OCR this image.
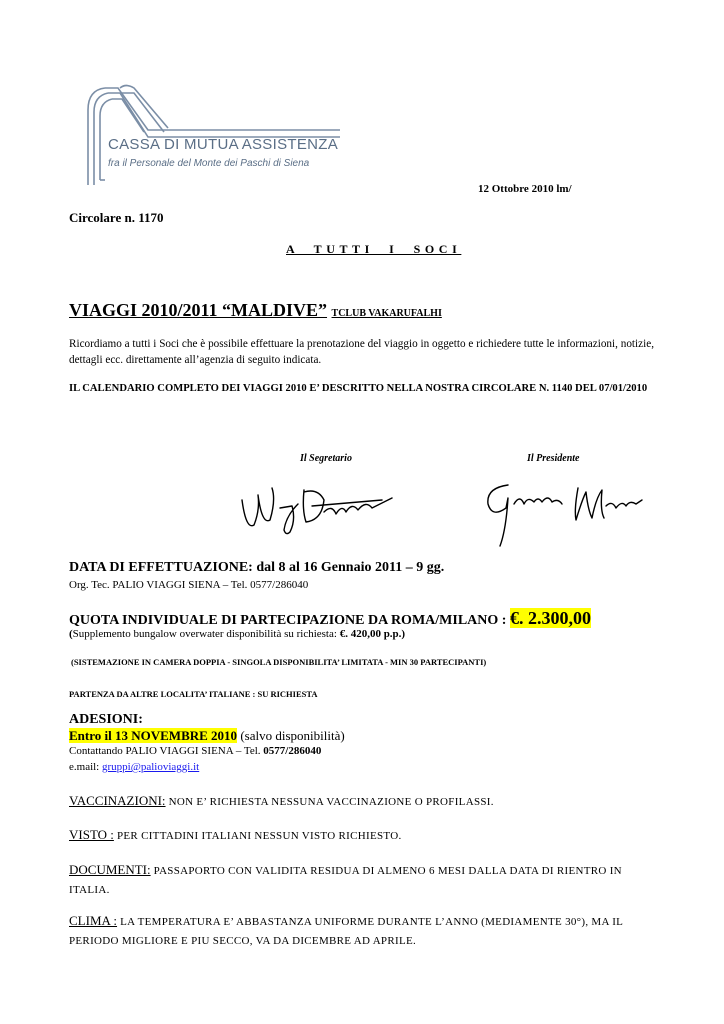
CASSA DI MUTUA ASSISTENZA
fra il Personale del Monte dei Paschi di Siena
12 Ottobre 2010 lm/
Circolare n. 1170
A  TUTTI  I  SOCI
VIAGGI 2010/2011 “MALDIVE” TCLUB VAKARUFALHI
Ricordiamo a tutti i Soci che è possibile effettuare la prenotazione del viaggio in oggetto e richiedere tutte le informazioni, notizie, dettagli ecc. direttamente all’agenzia di seguito indicata.
IL CALENDARIO COMPLETO DEI VIAGGI 2010 E’ DESCRITTO NELLA NOSTRA CIRCOLARE N. 1140 DEL 07/01/2010
Il Segretario	Il Presidente
DATA DI EFFETTUAZIONE: dal 8 al 16 Gennaio 2011 – 9 gg.
Org. Tec. PALIO VIAGGI SIENA – Tel. 0577/286040
QUOTA INDIVIDUALE DI PARTECIPAZIONE DA ROMA/MILANO : €. 2.300,00
(Supplemento bungalow overwater disponibilità su richiesta: €. 420,00 p.p.)
(SISTEMAZIONE IN CAMERA DOPPIA - SINGOLA DISPONIBILITA’ LIMITATA - MIN 30 PARTECIPANTI)
PARTENZA DA ALTRE LOCALITA’ ITALIANE : SU RICHIESTA
ADESIONI:
Entro il 13 NOVEMBRE 2010 (salvo disponibilità)
Contattando PALIO VIAGGI SIENA – Tel. 0577/286040
e.mail: gruppi@palioviaggi.it
VACCINAZIONI: NON E’ RICHIESTA NESSUNA VACCINAZIONE O PROFILASSI.
VISTO : PER CITTADINI ITALIANI NESSUN VISTO RICHIESTO.
DOCUMENTI: PASSAPORTO CON VALIDITA RESIDUA DI ALMENO 6 MESI DALLA DATA DI RIENTRO IN ITALIA.
CLIMA : LA TEMPERATURA E’ ABBASTANZA UNIFORME DURANTE L’ANNO (MEDIAMENTE 30°), MA IL PERIODO MIGLIORE E PIU SECCO, VA DA DICEMBRE AD APRILE.
